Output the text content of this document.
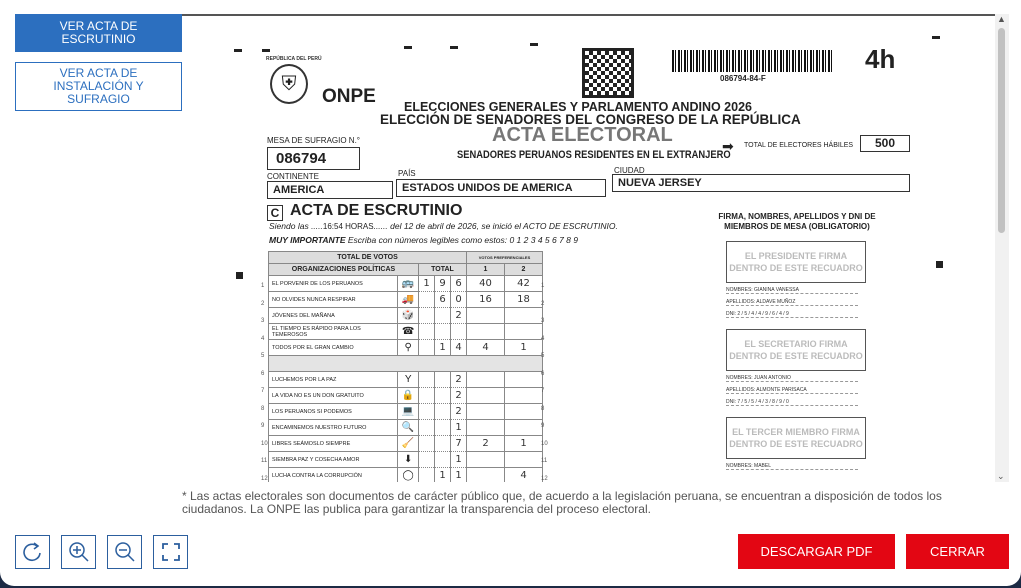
VER ACTA DE ESCRUTINIO
VER ACTA DE INSTALACIÓN Y SUFRAGIO
REPÚBLICA DEL PERÚ
⛨
ONPE
086794-84-F
4h
ELECCIONES GENERALES Y PARLAMENTO ANDINO 2026
ELECCIÓN DE SENADORES DEL CONGRESO DE LA REPÚBLICA
ACTA ELECTORAL
SENADORES PERUANOS RESIDENTES EN EL EXTRANJERO
➡ TOTAL DE ELECTORES HÁBILES	500
MESA DE SUFRAGIO N.°
086794
CONTINENTE
AMERICA
PAÍS
ESTADOS UNIDOS DE AMERICA
CIUDAD
NUEVA JERSEY
C ACTA DE ESCRUTINIO
Siendo las .....16:54 HORAS...... del 12 de abril de 2026, se inició el ACTO DE ESCRUTINIO.
MUY IMPORTANTE Escriba con números legibles como estos: 0 1 2 3 4 5 6 7 8 9
TOTAL DE VOTOS					VOTOS PREFERENCIALES	
ORGANIZACIONES POLÍTICAS		TOTAL			1	2
EL PORVENIR DE LOS PERUANOS	🚌	1	9	6	40	42
NO OLVIDES NUNCA RESPIRAR	🚚		6	0	16	18
JÓVENES DEL MAÑANA	🎲			2		
EL TIEMPO ES RÁPIDO PARA LOS TEMEROSOS	☎					
TODOS POR EL GRAN CAMBIO	⚲		1	4	4	1

LUCHEMOS POR LA PAZ	Y			2		
LA VIDA NO ES UN DON GRATUITO	🔒			2		
LOS PERUANOS SI PODEMOS	💻			2		
ENCAMINEMOS NUESTRO FUTURO	🔍			1		
LIBRES SEÁMOSLO SIEMPRE	🧹			7	2	1
SIEMBRA PAZ Y COSECHA AMOR	⬇			1		
LUCHA CONTRA LA CORRUPCIÓN	◯		1	1		4
FIRMA, NOMBRES, APELLIDOS Y DNI DE MIEMBROS DE MESA (OBLIGATORIO)
EL PRESIDENTE FIRMA DENTRO DE ESTE RECUADRO
NOMBRES: GIANINA VANESSA
APELLIDOS: ALDAVE MUÑOZ
DNI: 2 / 5 / 4 / 4 / 9 / 6 / 4 / 9
EL SECRETARIO FIRMA DENTRO DE ESTE RECUADRO
NOMBRES: JUAN ANTONIO
APELLIDOS: ALMONTE PARISACA
DNI: 7 / 5 / 5 / 4 / 3 / 8 / 9 / 0
EL TERCER MIEMBRO FIRMA DENTRO DE ESTE RECUADRO
NOMBRES: MABEL
1	1
2	2
3	3
4	4
5	5
6	6
7	7
8	8
9	9
10	10
11	11
12	12
▲
⌄
* Las actas electorales son documentos de carácter público que, de acuerdo a la legislación peruana, se encuentran a disposición de todos los ciudadanos. La ONPE las publica para garantizar la transparencia del proceso electoral.
DESCARGAR PDF	CERRAR
